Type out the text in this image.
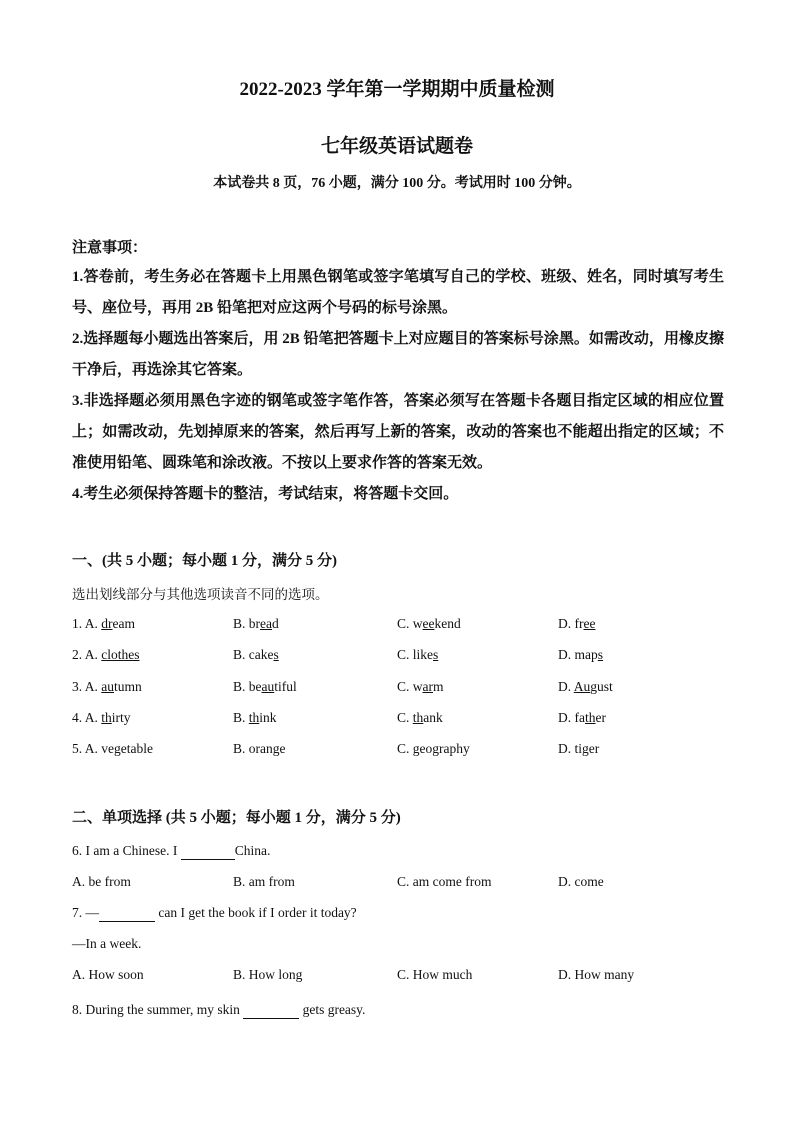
2022-2023 学年第一学期期中质量检测
七年级英语试题卷
本试卷共 8 页，76 小题，满分 100 分。考试用时 100 分钟。
注意事项：
1.答卷前，考生务必在答题卡上用黑色钢笔或签字笔填写自己的学校、班级、姓名，同时填写考生号、座位号，再用 2B 铅笔把对应这两个号码的标号涂黑。
2.选择题每小题选出答案后，用 2B 铅笔把答题卡上对应题目的答案标号涂黑。如需改动，用橡皮擦干净后，再选涂其它答案。
3.非选择题必须用黑色字迹的钢笔或签字笔作答，答案必须写在答题卡各题目指定区域的相应位置上；如需改动，先划掉原来的答案，然后再写上新的答案，改动的答案也不能超出指定的区域；不准使用铅笔、圆珠笔和涂改液。不按以上要求作答的答案无效。
4.考生必须保持答题卡的整洁，考试结束，将答题卡交回。
一、(共 5 小题；每小题 1 分，满分 5 分)
选出划线部分与其他选项读音不同的选项。
1. A. dream	B. bread	C. weekend	D. free
2. A. clothes	B. cakes	C. likes	D. maps
3. A. autumn	B. beautiful	C. warm	D. August
4. A. thirty	B. think	C. thank	D. father
5. A. vegetable	B. orange	C. geography	D. tiger
二、单项选择 (共 5 小题；每小题 1 分，满分 5 分)
6. I am a Chinese. I	China.
A. be from	B. am from	C. am come from	D. come
7. —	can I get the book if I order it today?
—In a week.
A. How soon	B. How long	C. How much	D. How many
8. During the summer, my skin	gets greasy.
